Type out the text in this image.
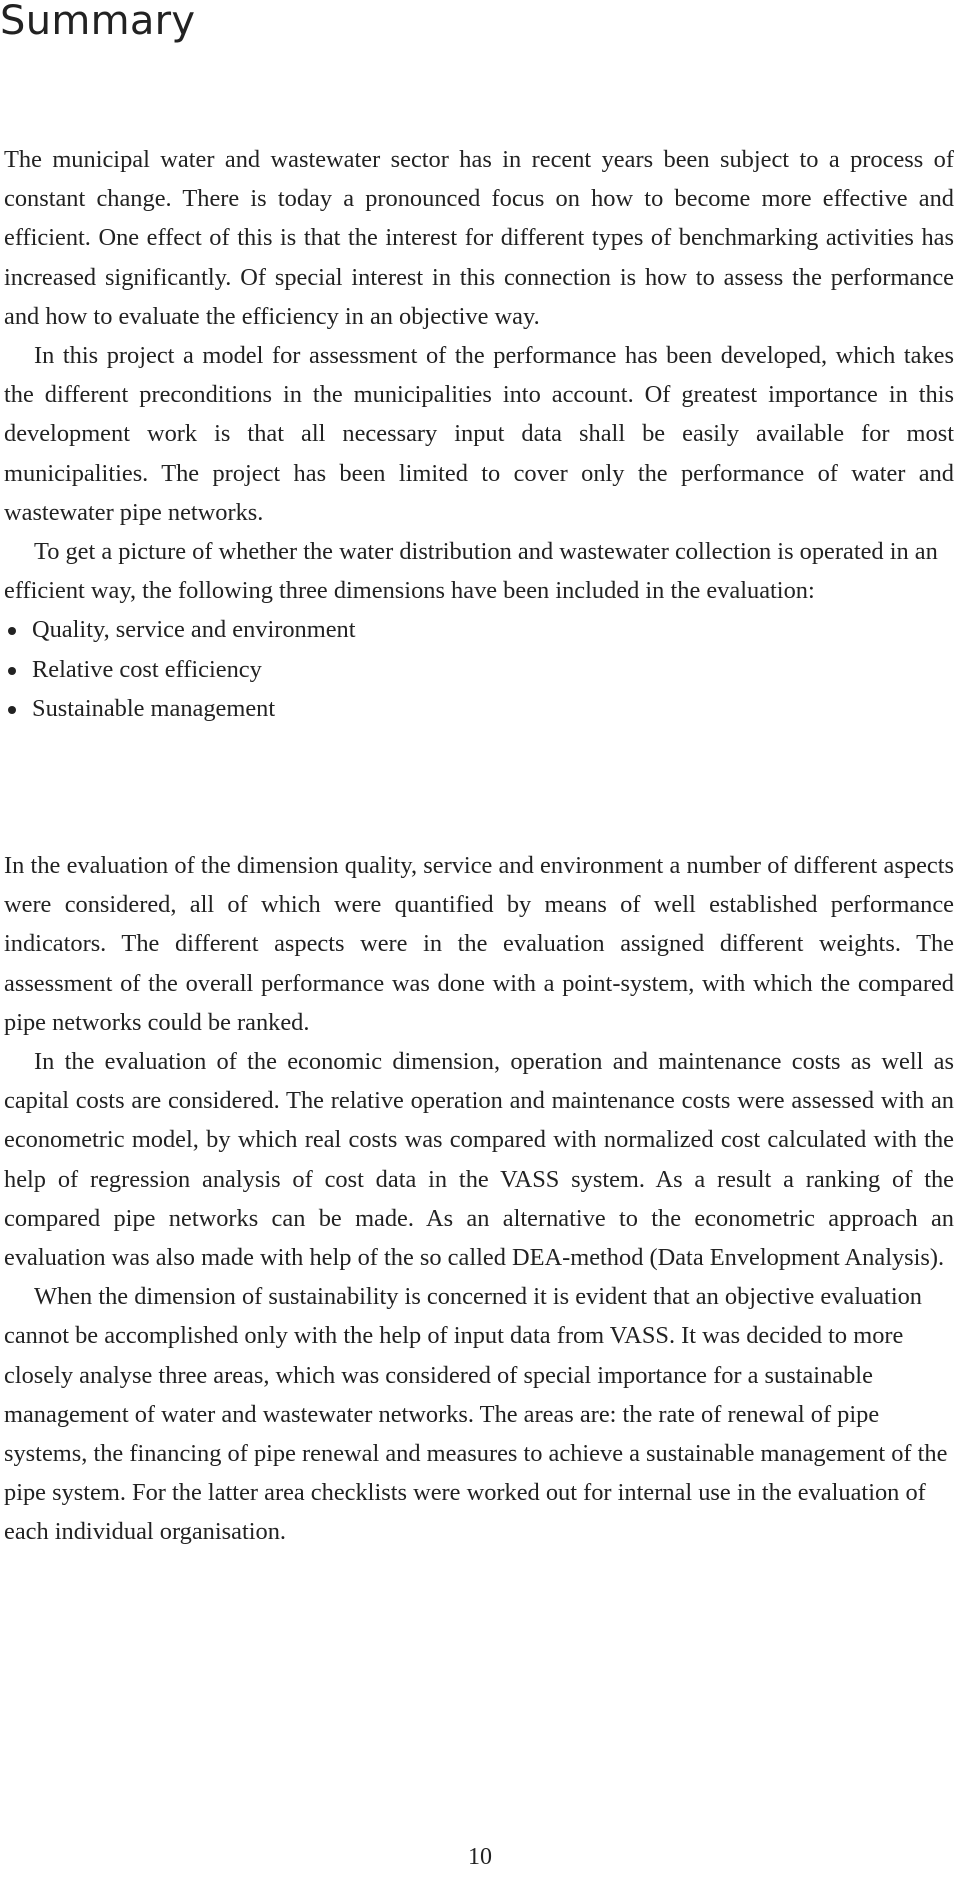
Summary

The municipal water and wastewater sector has in recent years been subject to a process of constant change. There is today a pronounced focus on how to become more effective and efficient. One effect of this is that the interest for different types of benchmarking activities has increased significantly. Of special interest in this connection is how to assess the performance and how to evaluate the efficiency in an objective way.

In this project a model for assessment of the performance has been developed, which takes the different preconditions in the municipalities into account. Of greatest importance in this development work is that all necessary input data shall be easily available for most municipalities. The project has been limited to cover only the performance of water and wastewater pipe networks.

To get a picture of whether the water distribution and wastewater collection is operated in an efficient way, the following three dimensions have been included in the evaluation:

Quality, service and environment
Relative cost efficiency
Sustainable management

In the evaluation of the dimension quality, service and environment a number of different aspects were considered, all of which were quantified by means of well established performance indicators. The different aspects were in the evaluation assigned different weights. The assessment of the overall performance was done with a point-system, with which the compared pipe networks could be ranked.

In the evaluation of the economic dimension, operation and maintenance costs as well as capital costs are considered. The relative operation and maintenance costs were assessed with an econometric model, by which real costs was compared with normalized cost calculated with the help of regression analysis of cost data in the VASS system. As a result a ranking of the compared pipe networks can be made. As an alternative to the econometric approach an evaluation was also made with help of the so called DEA-method (Data Envelopment Analysis).

When the dimension of sustainability is concerned it is evident that an objective evaluation cannot be accomplished only with the help of input data from VASS. It was decided to more closely analyse three areas, which was considered of special importance for a sustainable management of water and wastewater networks. The areas are: the rate of renewal of pipe systems, the financing of pipe renewal and measures to achieve a sustainable management of the pipe system. For the latter area checklists were worked out for internal use in the evaluation of each individual organisation.

10
